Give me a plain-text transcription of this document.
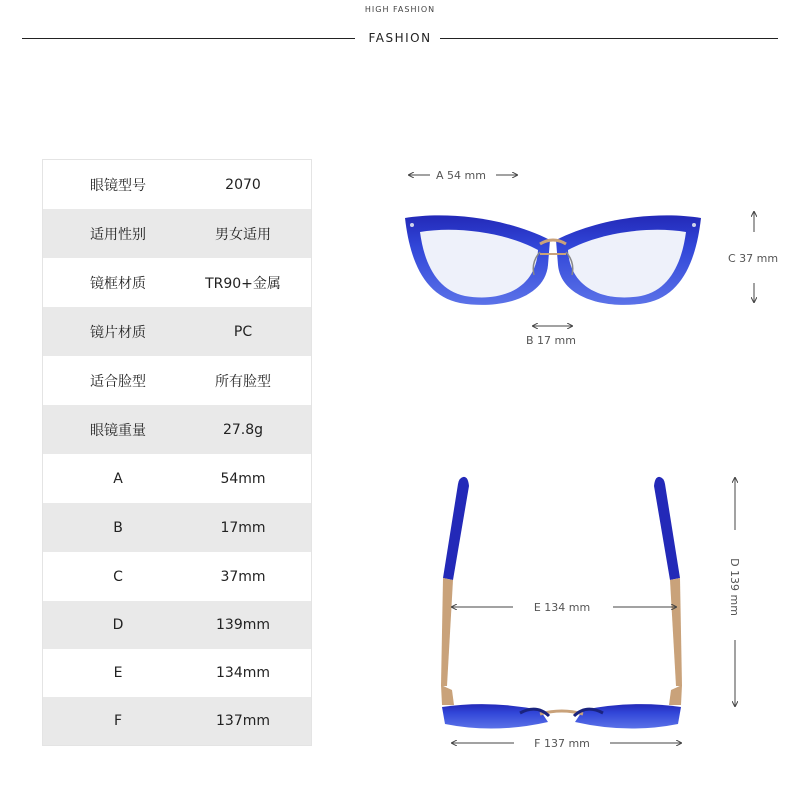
HIGH FASHION
FASHION
眼镜型号	2070
适用性别	男女适用
镜框材质	TR90+金属
镜片材质	PC
适合脸型	所有脸型
眼镜重量	27.8g
A	54mm
B	17mm
C	37mm
D	139mm
E	134mm
F	137mm
A 54 mm
C 37 mm
B 17 mm
D 139 mm
E 134 mm
F 137 mm
